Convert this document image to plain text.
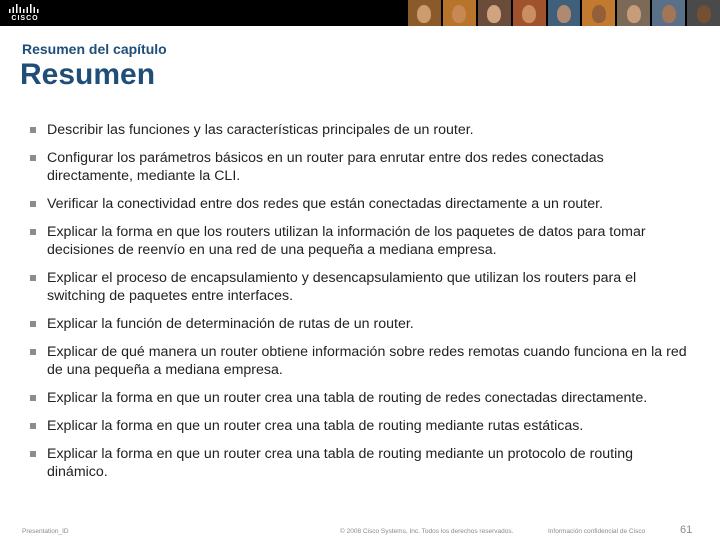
CISCO
Resumen del capítulo
Resumen
Describir las funciones y las características principales de un router.
Configurar los parámetros básicos en un router para enrutar entre dos redes conectadas directamente, mediante la CLI.
Verificar la conectividad entre dos redes que están conectadas directamente a un router.
Explicar la forma en que los routers utilizan la información de los paquetes de datos para tomar decisiones de reenvío en una red de una pequeña a mediana empresa.
Explicar el proceso de encapsulamiento y desencapsulamiento que utilizan los routers para el switching de paquetes entre interfaces.
Explicar la función de determinación de rutas de un router.
Explicar de qué manera un router obtiene información sobre redes remotas cuando funciona en la red de una pequeña a mediana empresa.
Explicar la forma en que un router crea una tabla de routing de redes conectadas directamente.
Explicar la forma en que un router crea una tabla de routing mediante rutas estáticas.
Explicar la forma en que un router crea una tabla de routing mediante un protocolo de routing dinámico.
Presentation_ID	© 2008 Cisco Systems, Inc. Todos los derechos reservados.	Información confidencial de Cisco	61
